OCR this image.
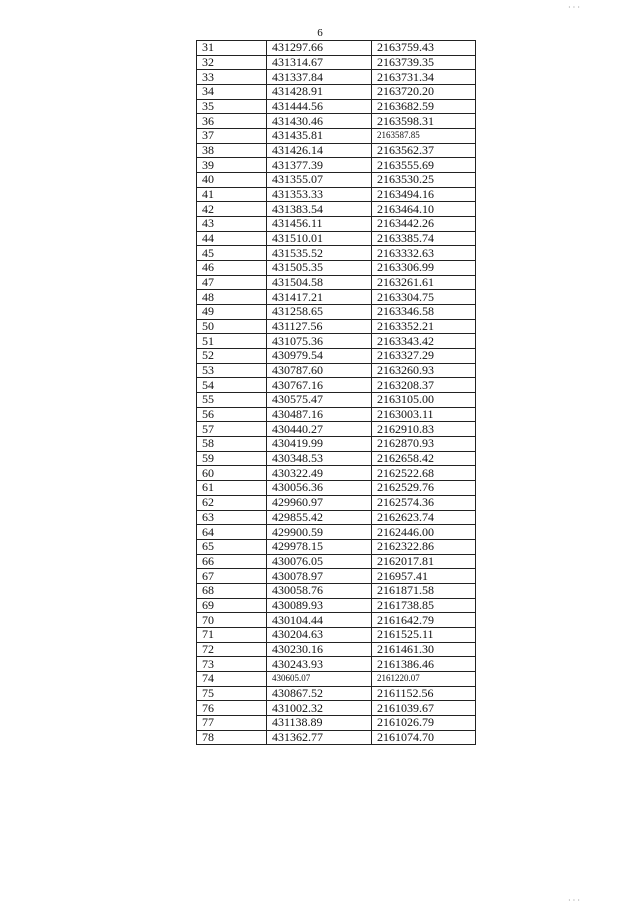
6
· · ·
· · ·
31	431297.66	2163759.43
32	431314.67	2163739.35
33	431337.84	2163731.34
34	431428.91	2163720.20
35	431444.56	2163682.59
36	431430.46	2163598.31
37	431435.81	2163587.85
38	431426.14	2163562.37
39	431377.39	2163555.69
40	431355.07	2163530.25
41	431353.33	2163494.16
42	431383.54	2163464.10
43	431456.11	2163442.26
44	431510.01	2163385.74
45	431535.52	2163332.63
46	431505.35	2163306.99
47	431504.58	2163261.61
48	431417.21	2163304.75
49	431258.65	2163346.58
50	431127.56	2163352.21
51	431075.36	2163343.42
52	430979.54	2163327.29
53	430787.60	2163260.93
54	430767.16	2163208.37
55	430575.47	2163105.00
56	430487.16	2163003.11
57	430440.27	2162910.83
58	430419.99	2162870.93
59	430348.53	2162658.42
60	430322.49	2162522.68
61	430056.36	2162529.76
62	429960.97	2162574.36
63	429855.42	2162623.74
64	429900.59	2162446.00
65	429978.15	2162322.86
66	430076.05	2162017.81
67	430078.97	216957.41
68	430058.76	2161871.58
69	430089.93	2161738.85
70	430104.44	2161642.79
71	430204.63	2161525.11
72	430230.16	2161461.30
73	430243.93	2161386.46
74	430605.07	2161220.07
75	430867.52	2161152.56
76	431002.32	2161039.67
77	431138.89	2161026.79
78	431362.77	2161074.70
